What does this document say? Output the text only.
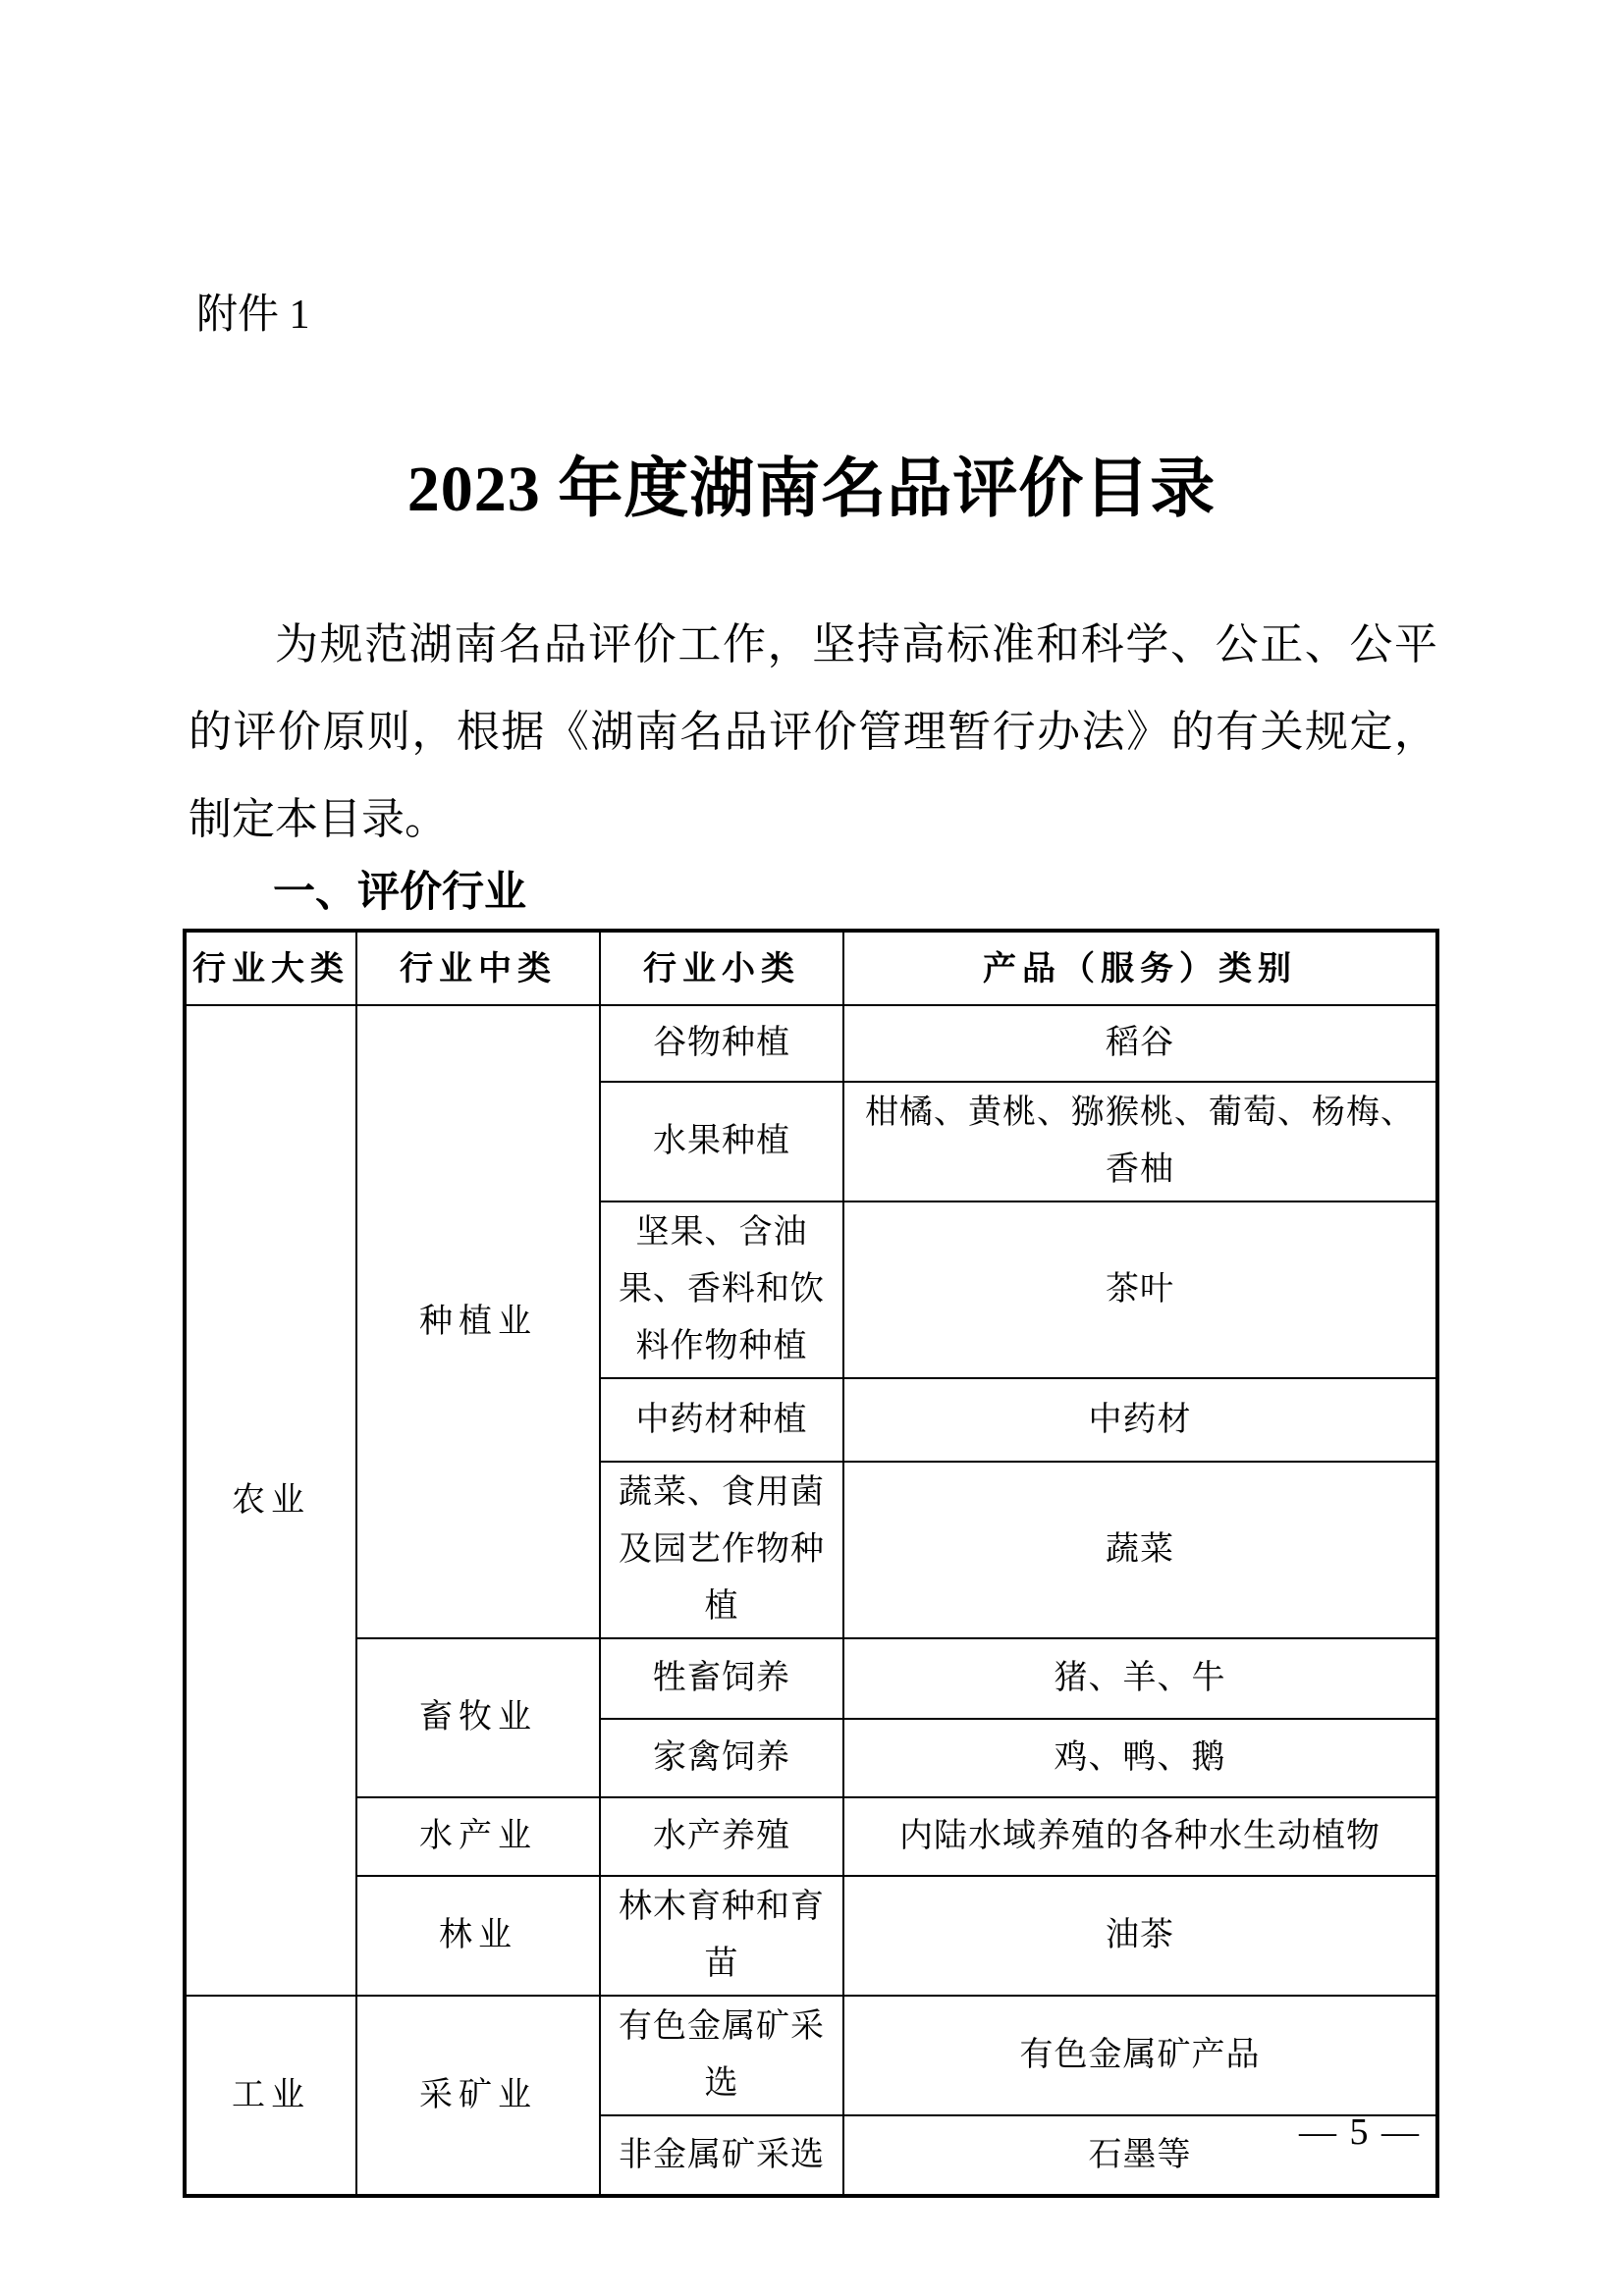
附件 1
2023 年度湖南名品评价目录
为规范湖南名品评价工作，坚持高标准和科学、公正、公平
的评价原则，根据《湖南名品评价管理暂行办法》的有关规定，
制定本目录。
一、评价行业
行业大类	行业中类	行业小类	产品（服务）类别
农业	种植业	谷物种植	稻谷
		水果种植	柑橘、黄桃、猕猴桃、葡萄、杨梅、香柚
		坚果、含油果、香料和饮料作物种植	茶叶
		中药材种植	中药材
		蔬菜、食用菌及园艺作物种植	蔬菜
	畜牧业	牲畜饲养	猪、羊、牛
		家禽饲养	鸡、鸭、鹅
	水产业	水产养殖	内陆水域养殖的各种水生动植物
	林业	林木育种和育苗	油茶
工业	采矿业	有色金属矿采选	有色金属矿产品
		非金属矿采选	石墨等
— 5 —
